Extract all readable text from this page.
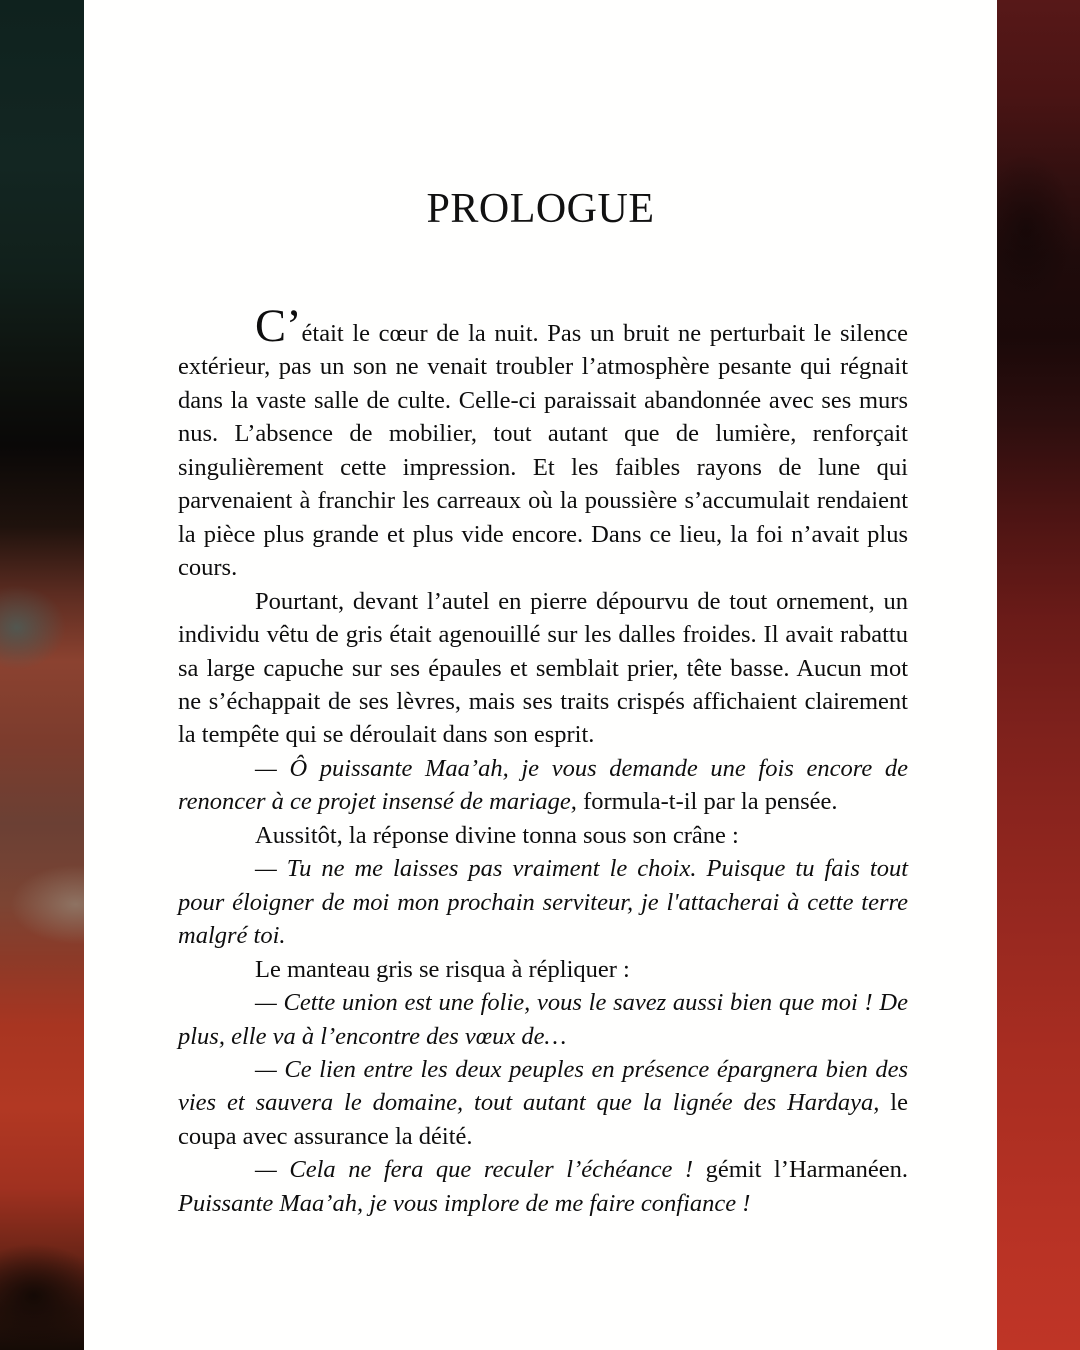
PROLOGUE

C’était le cœur de la nuit. Pas un bruit ne perturbait le silence extérieur, pas un son ne venait troubler l’atmosphère pesante qui régnait dans la vaste salle de culte. Celle-ci paraissait abandonnée avec ses murs nus. L’absence de mobilier, tout autant que de lumière, renforçait singulièrement cette impression. Et les faibles rayons de lune qui parvenaient à franchir les carreaux où la poussière s’accumulait rendaient la pièce plus grande et plus vide encore. Dans ce lieu, la foi n’avait plus cours.

Pourtant, devant l’autel en pierre dépourvu de tout ornement, un individu vêtu de gris était agenouillé sur les dalles froides. Il avait rabattu sa large capuche sur ses épaules et semblait prier, tête basse. Aucun mot ne s’échappait de ses lèvres, mais ses traits crispés affichaient clairement la tempête qui se déroulait dans son esprit.

— Ô puissante Maa’ah, je vous demande une fois encore de renoncer à ce projet insensé de mariage, formula-t-il par la pensée.

Aussitôt, la réponse divine tonna sous son crâne :

— Tu ne me laisses pas vraiment le choix. Puisque tu fais tout pour éloigner de moi mon prochain serviteur, je l'attacherai à cette terre malgré toi.

Le manteau gris se risqua à répliquer :

— Cette union est une folie, vous le savez aussi bien que moi ! De plus, elle va à l’encontre des vœux de…

— Ce lien entre les deux peuples en présence épargnera bien des vies et sauvera le domaine, tout autant que la lignée des Hardaya, le coupa avec assurance la déité.

— Cela ne fera que reculer l’échéance ! gémit l’Harmanéen. Puissante Maa’ah, je vous implore de me faire confiance !
